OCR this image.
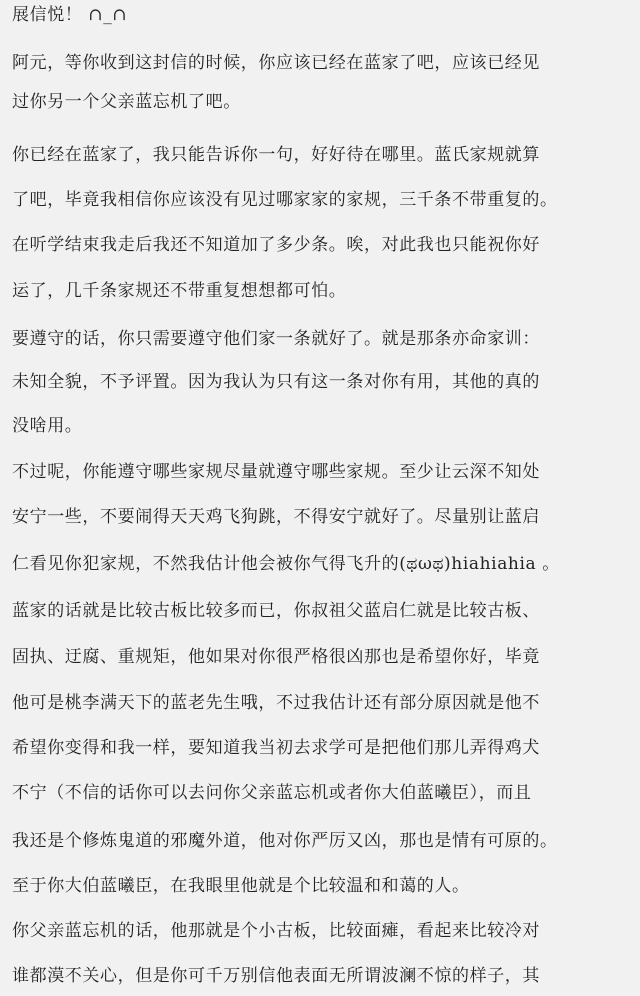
展信悦！ ∩_∩
阿元，等你收到这封信的时候，你应该已经在蓝家了吧，应该已经见
过你另一个父亲蓝忘机了吧。
你已经在蓝家了，我只能告诉你一句，好好待在哪里。蓝氏家规就算
了吧，毕竟我相信你应该没有见过哪家家的家规，三千条不带重复的。
在听学结束我走后我还不知道加了多少条。唉，对此我也只能祝你好
运了，几千条家规还不带重复想想都可怕。
要遵守的话，你只需要遵守他们家一条就好了。就是那条亦命家训：
未知全貌，不予评置。因为我认为只有这一条对你有用，其他的真的
没啥用。
不过呢，你能遵守哪些家规尽量就遵守哪些家规。至少让云深不知处
安宁一些，不要闹得天天鸡飞狗跳，不得安宁就好了。尽量别让蓝启
仁看见你犯家规，不然我估计他会被你气得飞升的(ಥωಥ)hiahiahia 。
蓝家的话就是比较古板比较多而已，你叔祖父蓝启仁就是比较古板、
固执、迂腐、重规矩，他如果对你很严格很凶那也是希望你好，毕竟
他可是桃李满天下的蓝老先生哦，不过我估计还有部分原因就是他不
希望你变得和我一样，要知道我当初去求学可是把他们那儿弄得鸡犬
不宁（不信的话你可以去问你父亲蓝忘机或者你大伯蓝曦臣），而且
我还是个修炼鬼道的邪魔外道，他对你严厉又凶，那也是情有可原的。
至于你大伯蓝曦臣，在我眼里他就是个比较温和和蔼的人。
你父亲蓝忘机的话，他那就是个小古板，比较面瘫，看起来比较冷对
谁都漠不关心，但是你可千万别信他表面无所谓波澜不惊的样子，其
